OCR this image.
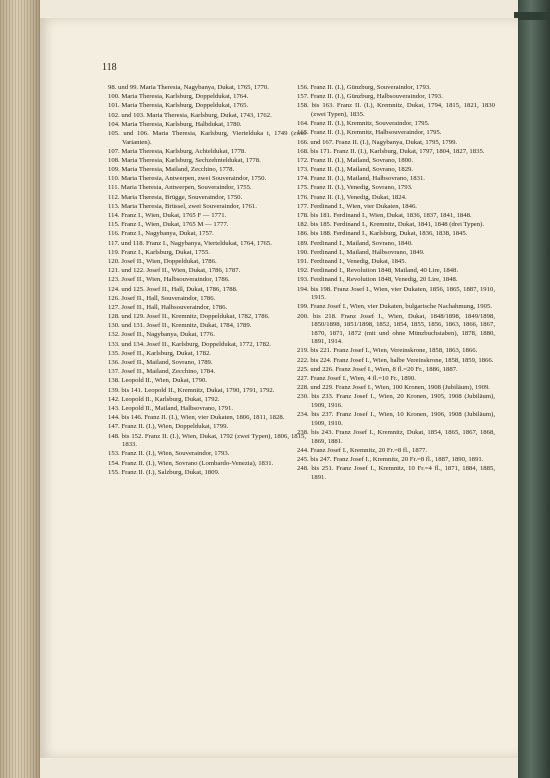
118
98. und 99. Maria Theresia, Nagybanya, Dukat, 1765, 1770.
100. Maria Theresia, Karlsburg, Doppeldukat, 1764.
101. Maria Theresia, Karlsburg, Doppeldukat, 1765.
102. und 103. Maria Theresia, Karlsburg, Dukat, 1743, 1762.
104. Maria Theresia, Karlsburg, Halbdukat, 1780.
105. und 106. Maria Theresia, Karlsburg, Viertelduka t, 1749 (zwei Varianten).
107. Maria Theresia, Karlsburg, Achteldukat, 1778.
108. Maria Theresia, Karlsburg, Sechzehnteldukat, 1778.
109. Maria Theresia, Mailand, Zecchino, 1778.
110. Maria Theresia, Antwerpen, zwei Souveraindor, 1750.
111. Maria Theresia, Antwerpen, Souveraindor, 1755.
112. Maria Theresia, Brügge, Souveraindor, 1750.
113. Maria Theresia, Brüssel, zwei Souveraindor, 1761.
114. Franz I., Wien, Dukat, 1765 F — 1771.
115. Franz I., Wien, Dukat, 1765 M — 1777.
116. Franz I., Nagybanya, Dukat, 1757.
117. und 118. Franz I., Nagybanya, Vierteldukat, 1764, 1765.
119. Franz I., Karlsburg, Dukat, 1755.
120. Josef II., Wien, Doppeldukat, 1786.
121. und 122. Josef II., Wien, Dukat, 1786, 1787.
123. Josef II., Wien, Halbsouveraindor, 1786.
124. und 125. Josef II., Hall, Dukat, 1786, 1788.
126. Josef II., Hall, Souveraindor, 1786.
127. Josef II., Hall, Halbsouveraindor, 1786.
128. und 129. Josef II., Kremnitz, Doppeldukat, 1782, 1786.
130. und 131. Josef II., Kremnitz, Dukat, 1784, 1789.
132. Josef II., Nagybanya, Dukat, 1776.
133. und 134. Josef II., Karlsburg, Doppeldukat, 1772, 1782.
135. Josef II., Karlsburg, Dukat, 1782.
136. Josef II., Mailand, Sovrano, 1789.
137. Josef II., Mailand, Zecchino, 1784.
138. Leopold II., Wien, Dukat, 1790.
139. bis 141. Leopold II., Kremnitz, Dukat, 1790, 1791, 1792.
142. Leopold II., Karlsburg, Dukat, 1792.
143. Leopold II., Mailand, Halbsovrano, 1791.
144. bis 146. Franz II. (I.), Wien, vier Dukaten, 1806, 1811, 1828.
147. Franz II. (I.), Wien, Doppeldukat, 1799.
148. bis 152. Franz II. (I.), Wien, Dukat, 1792 (zwei Typen), 1806, 1815, 1833.
153. Franz II. (I.), Wien, Souveraindor, 1793.
154. Franz II. (I.), Wien, Sovrano (Lombardo-Venezia), 1831.
155. Franz II. (I.), Salzburg, Dukat, 1809.
156. Franz II. (I.), Günzburg, Souveraindor, 1793.
157. Franz II. (I.), Günzburg, Halbsouveraindor, 1793.
158. bis 163. Franz II. (I.), Kremnitz, Dukat, 1794, 1815, 1821, 1830 (zwei Typen), 1835.
164. Franz II. (I.), Kremnitz, Souveraindor, 1795.
165. Franz II. (I.), Kremnitz, Halbsouveraindor, 1795.
166. und 167. Franz II. (I.), Nagybanya, Dukat, 1795, 1799.
168. bis 171. Franz II. (I.), Karlsburg, Dukat, 1797, 1804, 1827, 1835.
172. Franz II. (I.), Mailand, Sovrano, 1800.
173. Franz II. (I.), Mailand, Sovrano, 1829.
174. Franz II. (I.), Mailand, Halbsovrano, 1831.
175. Franz II. (I.), Venedig, Sovrano, 1793.
176. Franz II. (I.), Venedig, Dukat, 1824.
177. Ferdinand I., Wien, vier Dukaten, 1846.
178. bis 181. Ferdinand I., Wien, Dukat, 1836, 1837, 1841, 1848.
182. bis 185. Ferdinand I., Kremnitz, Dukat, 1841, 1848 (drei Typen).
186. bis 188. Ferdinand I., Karlsburg, Dukat, 1836, 1838, 1845.
189. Ferdinand I., Mailand, Sovrano, 1840.
190. Ferdinand I., Mailand, Halbsovrano, 1849.
191. Ferdinand I., Venedig, Dukat, 1845.
192. Ferdinand I., Revolution 1848, Mailand, 40 Lire, 1848.
193. Ferdinand I., Revolution 1848, Venedig, 20 Lire, 1848.
194. bis 198. Franz Josef I., Wien, vier Dukaten, 1856, 1865, 1887, 1910, 1915.
199. Franz Josef I., Wien, vier Dukaten, bulgarische Nachahmung, 1905.
200. bis 218. Franz Josef I., Wien, Dukat, 1848/1898, 1849/1898, 1850/1898, 1851/1898, 1852, 1854, 1855, 1856, 1863, 1866, 1867, 1870, 1871, 1872 (mit und ohne Münzbuchstaben), 1878, 1880, 1891, 1914.
219. bis 221. Franz Josef I., Wien, Vereinskrone, 1858, 1863, 1866.
222. bis 224. Franz Josef I., Wien, halbe Vereinskrone, 1858, 1859, 1866.
225. und 226. Franz Josef I., Wien, 8 fl.=20 Fr., 1886, 1887.
227. Franz Josef I., Wien, 4 fl.=10 Fr., 1890.
228. und 229. Franz Josef I., Wien, 100 Kronen, 1908 (Jubiläum), 1909.
230. bis 233. Franz Josef I., Wien, 20 Kronen, 1905, 1908 (Jubiläum), 1909, 1916.
234. bis 237. Franz Josef I., Wien, 10 Kronen, 1906, 1908 (Jubiläum), 1909, 1910.
238. bis 243. Franz Josef I., Kremnitz, Dukat, 1854, 1865, 1867, 1868, 1869, 1881.
244. Franz Josef I., Kremnitz, 20 Fr.=8 fl., 1877.
245. bis 247. Franz Josef I., Kremnitz, 20 Fr.=8 fl., 1887, 1890, 1891.
248. bis 251. Franz Josef I., Kremnitz, 10 Fr.=4 fl., 1871, 1884, 1885, 1891.
